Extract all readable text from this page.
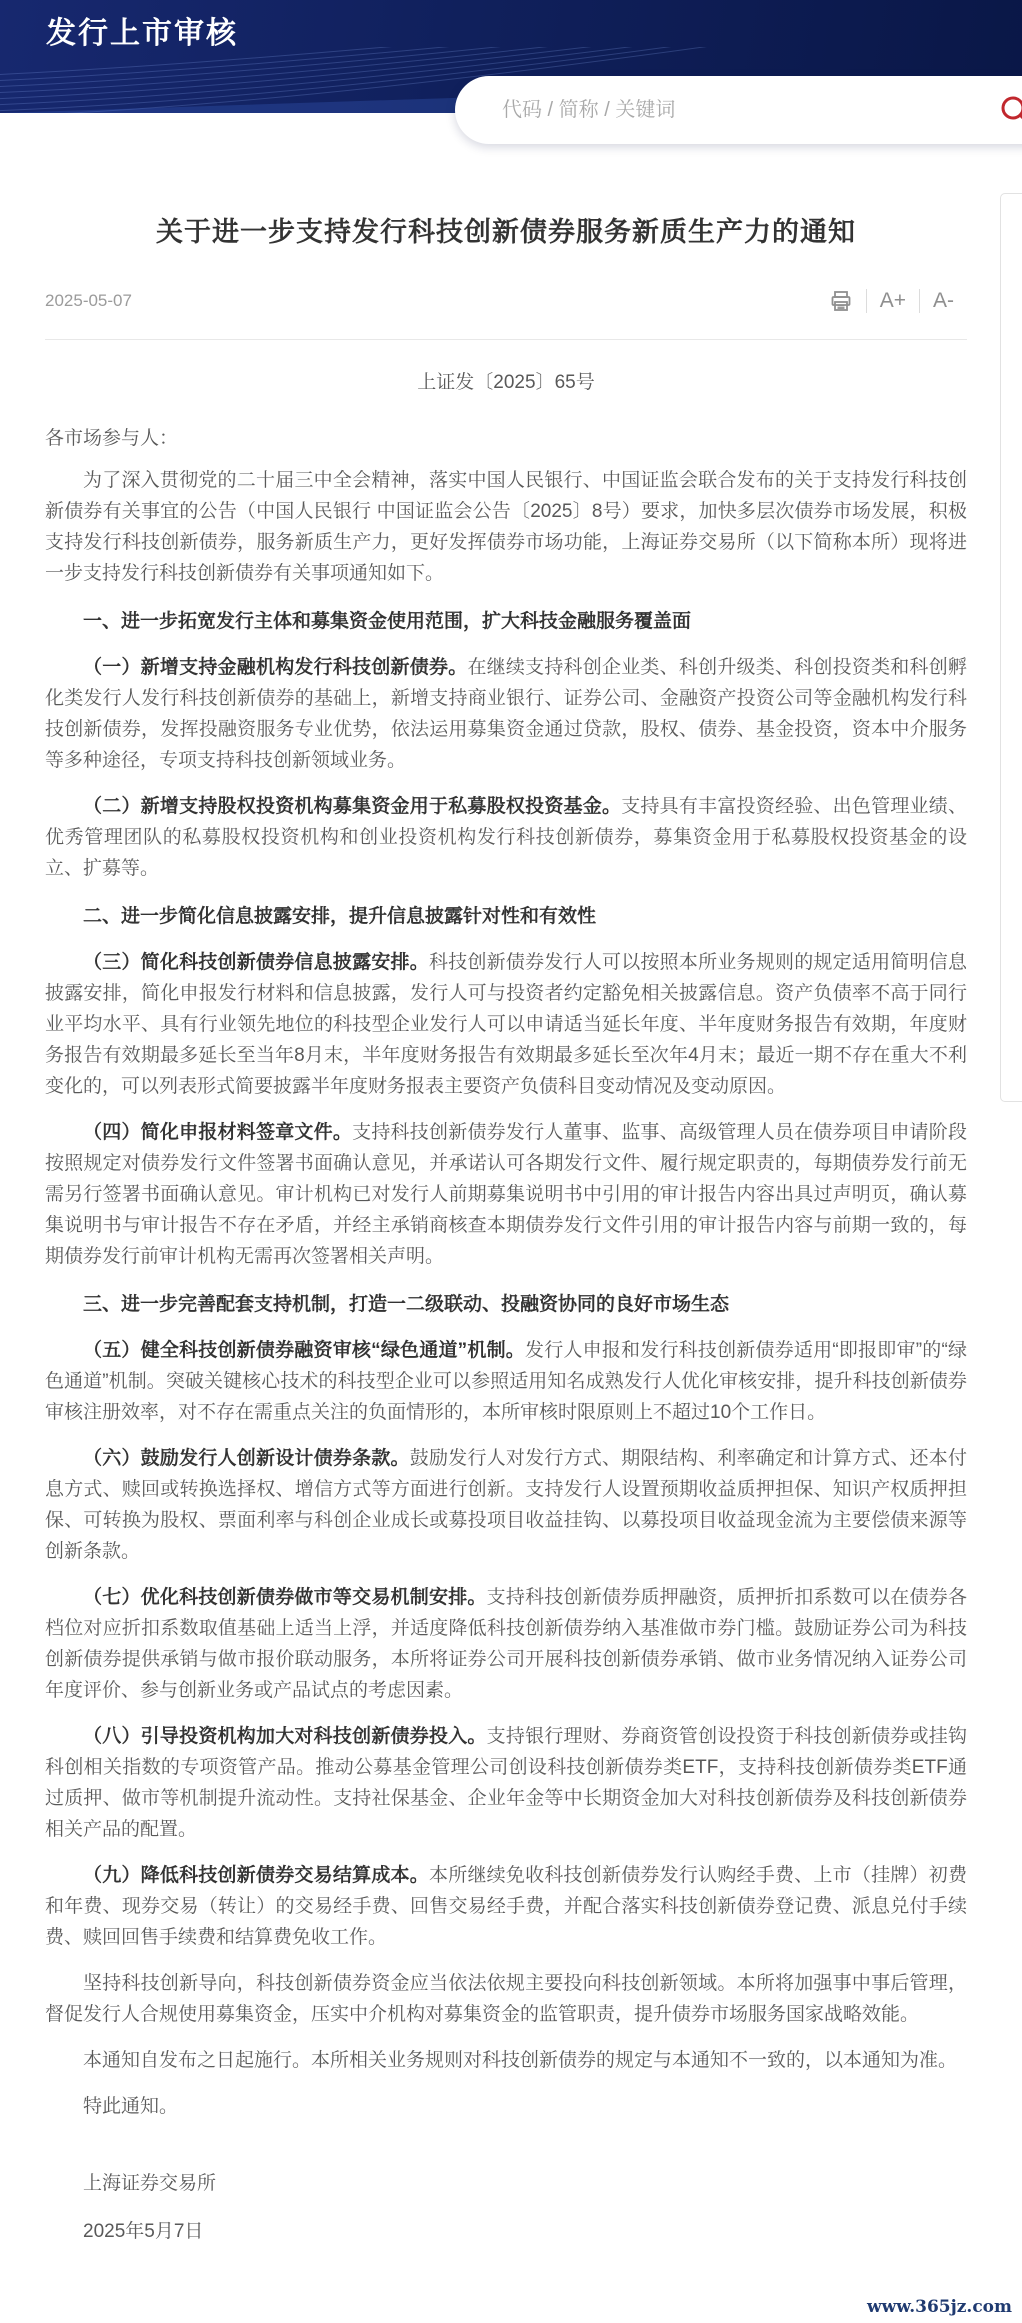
发行上市审核
代码 / 简称 / 关键词
关于进一步支持发行科技创新债券服务新质生产力的通知
2025-05-07	A+	A-
上证发〔2025〕65号
各市场参与人：

为了深入贯彻党的二十届三中全会精神，落实中国人民银行、中国证监会联合发布的关于支持发行科技创新债券有关事宜的公告（中国人民银行 中国证监会公告〔2025〕8号）要求，加快多层次债券市场发展，积极支持发行科技创新债券，服务新质生产力，更好发挥债券市场功能，上海证券交易所（以下简称本所）现将进一步支持发行科技创新债券有关事项通知如下。

一、进一步拓宽发行主体和募集资金使用范围，扩大科技金融服务覆盖面

（一）新增支持金融机构发行科技创新债券。在继续支持科创企业类、科创升级类、科创投资类和科创孵化类发行人发行科技创新债券的基础上，新增支持商业银行、证券公司、金融资产投资公司等金融机构发行科技创新债券，发挥投融资服务专业优势，依法运用募集资金通过贷款，股权、债券、基金投资，资本中介服务等多种途径，专项支持科技创新领域业务。

（二）新增支持股权投资机构募集资金用于私募股权投资基金。支持具有丰富投资经验、出色管理业绩、优秀管理团队的私募股权投资机构和创业投资机构发行科技创新债券，募集资金用于私募股权投资基金的设立、扩募等。

二、进一步简化信息披露安排，提升信息披露针对性和有效性

（三）简化科技创新债券信息披露安排。科技创新债券发行人可以按照本所业务规则的规定适用简明信息披露安排，简化申报发行材料和信息披露，发行人可与投资者约定豁免相关披露信息。资产负债率不高于同行业平均水平、具有行业领先地位的科技型企业发行人可以申请适当延长年度、半年度财务报告有效期，年度财务报告有效期最多延长至当年8月末，半年度财务报告有效期最多延长至次年4月末；最近一期不存在重大不利变化的，可以列表形式简要披露半年度财务报表主要资产负债科目变动情况及变动原因。

（四）简化申报材料签章文件。支持科技创新债券发行人董事、监事、高级管理人员在债券项目申请阶段按照规定对债券发行文件签署书面确认意见，并承诺认可各期发行文件、履行规定职责的，每期债券发行前无需另行签署书面确认意见。审计机构已对发行人前期募集说明书中引用的审计报告内容出具过声明页，确认募集说明书与审计报告不存在矛盾，并经主承销商核查本期债券发行文件引用的审计报告内容与前期一致的，每期债券发行前审计机构无需再次签署相关声明。

三、进一步完善配套支持机制，打造一二级联动、投融资协同的良好市场生态

（五）健全科技创新债券融资审核“绿色通道”机制。发行人申报和发行科技创新债券适用“即报即审”的“绿色通道”机制。突破关键核心技术的科技型企业可以参照适用知名成熟发行人优化审核安排，提升科技创新债券审核注册效率，对不存在需重点关注的负面情形的，本所审核时限原则上不超过10个工作日。

（六）鼓励发行人创新设计债券条款。鼓励发行人对发行方式、期限结构、利率确定和计算方式、还本付息方式、赎回或转换选择权、增信方式等方面进行创新。支持发行人设置预期收益质押担保、知识产权质押担保、可转换为股权、票面利率与科创企业成长或募投项目收益挂钩、以募投项目收益现金流为主要偿债来源等创新条款。

（七）优化科技创新债券做市等交易机制安排。支持科技创新债券质押融资，质押折扣系数可以在债券各档位对应折扣系数取值基础上适当上浮，并适度降低科技创新债券纳入基准做市券门槛。鼓励证券公司为科技创新债券提供承销与做市报价联动服务，本所将证券公司开展科技创新债券承销、做市业务情况纳入证券公司年度评价、参与创新业务或产品试点的考虑因素。

（八）引导投资机构加大对科技创新债券投入。支持银行理财、券商资管创设投资于科技创新债券或挂钩科创相关指数的专项资管产品。推动公募基金管理公司创设科技创新债券类ETF，支持科技创新债券类ETF通过质押、做市等机制提升流动性。支持社保基金、企业年金等中长期资金加大对科技创新债券及科技创新债券相关产品的配置。

（九）降低科技创新债券交易结算成本。本所继续免收科技创新债券发行认购经手费、上市（挂牌）初费和年费、现券交易（转让）的交易经手费、回售交易经手费，并配合落实科技创新债券登记费、派息兑付手续费、赎回回售手续费和结算费免收工作。

坚持科技创新导向，科技创新债券资金应当依法依规主要投向科技创新领域。本所将加强事中事后管理，督促发行人合规使用募集资金，压实中介机构对募集资金的监管职责，提升债券市场服务国家战略效能。

本通知自发布之日起施行。本所相关业务规则对科技创新债券的规定与本通知不一致的，以本通知为准。

特此通知。

上海证券交易所
2025年5月7日
www.365jz.com
